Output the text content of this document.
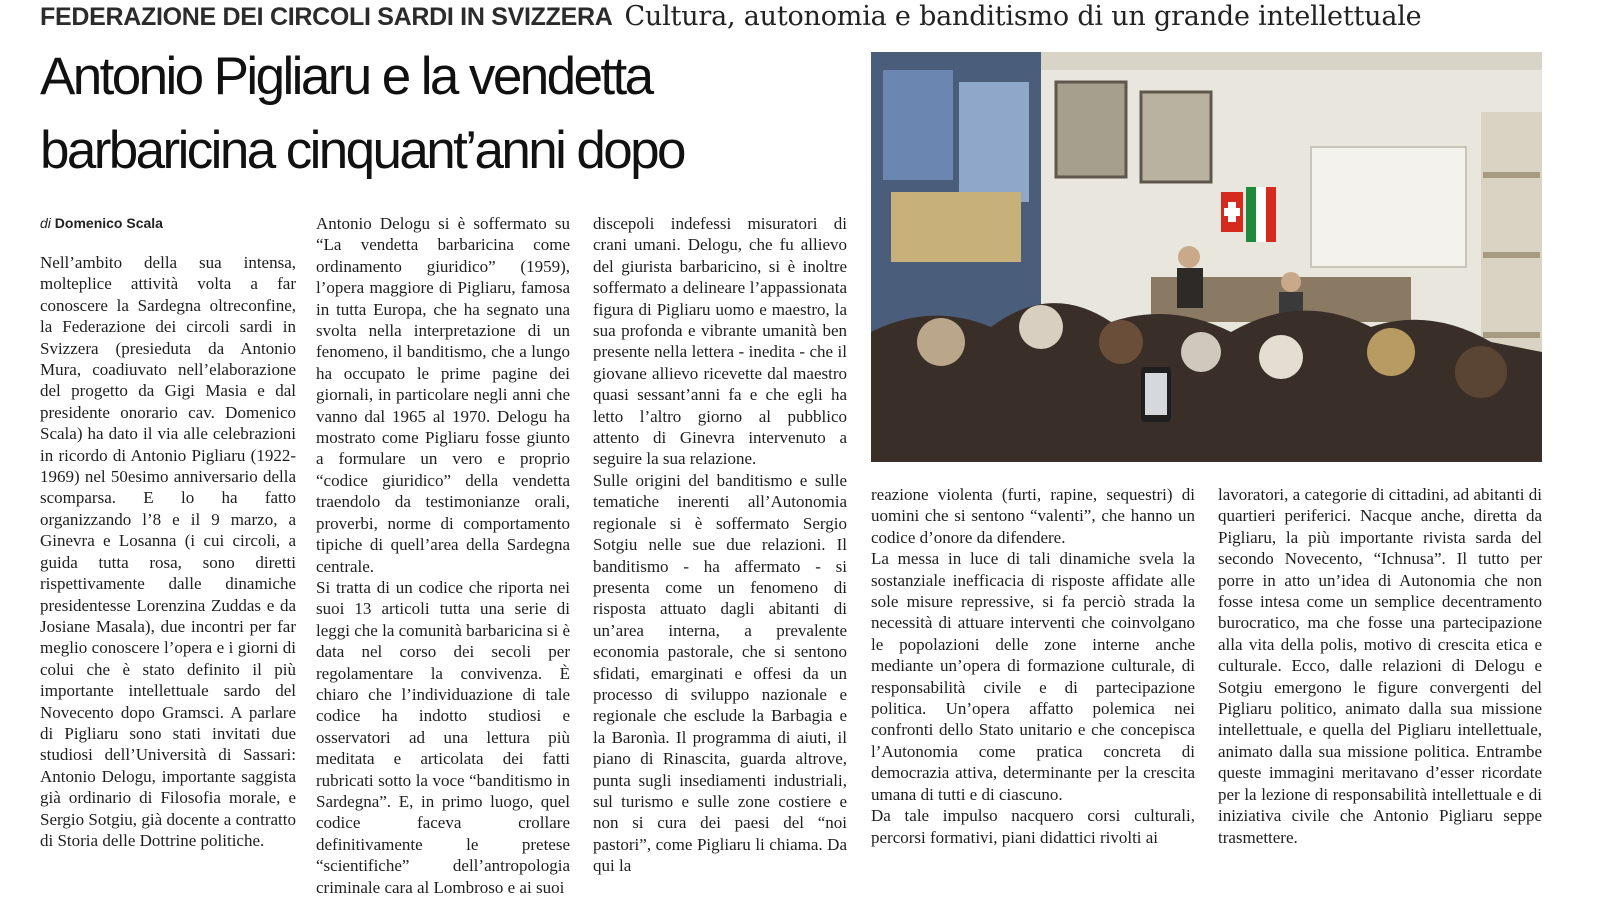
FEDERAZIONE DEI CIRCOLI SARDI IN SVIZZERA Cultura, autonomia e banditismo di un grande intellettuale
Antonio Pigliaru e la vendetta
barbaricina cinquant’anni dopo
di Domenico Scala

Nell’ambito della sua intensa, molteplice attività volta a far conoscere la Sardegna oltreconfine, la Federazione dei circoli sardi in Svizzera (presieduta da Antonio Mura, coadiuvato nell’elaborazione del progetto da Gigi Masia e dal presidente onorario cav. Domenico Scala) ha dato il via alle celebrazioni in ricordo di Antonio Pigliaru (1922-1969) nel 50esimo anniversario della scomparsa. E lo ha fatto organizzando l’8 e il 9 marzo, a Ginevra e Losanna (i cui circoli, a guida tutta rosa, sono diretti rispettivamente dalle dinamiche presidentesse Lorenzina Zuddas e da Josiane Masala), due incontri per far meglio conoscere l’opera e i giorni di colui che è stato definito il più importante intellettuale sardo del Novecento dopo Gramsci. A parlare di Pigliaru sono stati invitati due studiosi dell’Università di Sassari: Antonio Delogu, importante saggista già ordinario di Filosofia morale, e Sergio Sotgiu, già docente a contratto di Storia delle Dottrine politiche.

Antonio Delogu si è soffermato su “La vendetta barbaricina come ordinamento giuridico” (1959), l’opera maggiore di Pigliaru, famosa in tutta Europa, che ha segnato una svolta nella interpretazione di un fenomeno, il banditismo, che a lungo ha occupato le prime pagine dei giornali, in particolare negli anni che vanno dal 1965 al 1970. Delogu ha mostrato come Pigliaru fosse giunto a formulare un vero e proprio “codice giuridico” della vendetta traendolo da testimonianze orali, proverbi, norme di comportamento tipiche di quell’area della Sardegna centrale.

Si tratta di un codice che riporta nei suoi 13 articoli tutta una serie di leggi che la comunità barbaricina si è data nel corso dei secoli per regolamentare la convivenza. È chiaro che l’individuazione di tale codice ha indotto studiosi e osservatori ad una lettura più meditata e articolata dei fatti rubricati sotto la voce “banditismo in Sardegna”. E, in primo luogo, quel codice faceva crollare definitivamente le pretese “scientifiche” dell’antropologia criminale cara al Lombroso e ai suoi

discepoli indefessi misuratori di crani umani. Delogu, che fu allievo del giurista barbaricino, si è inoltre soffermato a delineare l’appassionata figura di Pigliaru uomo e maestro, la sua profonda e vibrante umanità ben presente nella lettera - inedita - che il giovane allievo ricevette dal maestro quasi sessant’anni fa e che egli ha letto l’altro giorno al pubblico attento di Ginevra intervenuto a seguire la sua relazione.

Sulle origini del banditismo e sulle tematiche inerenti all’Autonomia regionale si è soffermato Sergio Sotgiu nelle sue due relazioni. Il banditismo - ha affermato - si presenta come un fenomeno di risposta attuato dagli abitanti di un’area interna, a prevalente economia pastorale, che si sentono sfidati, emarginati e offesi da un processo di sviluppo nazionale e regionale che esclude la Barbagia e la Baronìa. Il programma di aiuti, il piano di Rinascita, guarda altrove, punta sugli insediamenti industriali, sul turismo e sulle zone costiere e non si cura dei paesi del “noi pastori”, come Pigliaru li chiama. Da qui la

reazione violenta (furti, rapine, sequestri) di uomini che si sentono “valenti”, che hanno un codice d’onore da difendere.

La messa in luce di tali dinamiche svela la sostanziale inefficacia di risposte affidate alle sole misure repressive, si fa perciò strada la necessità di attuare interventi che coinvolgano le popolazioni delle zone interne anche mediante un’opera di formazione culturale, di responsabilità civile e di partecipazione politica. Un’opera affatto polemica nei confronti dello Stato unitario e che concepisca l’Autonomia come pratica concreta di democrazia attiva, determinante per la crescita umana di tutti e di ciascuno.

Da tale impulso nacquero corsi culturali, percorsi formativi, piani didattici rivolti ai

lavoratori, a categorie di cittadini, ad abitanti di quartieri periferici. Nacque anche, diretta da Pigliaru, la più importante rivista sarda del secondo Novecento, “Ichnusa”. Il tutto per porre in atto un’idea di Autonomia che non fosse intesa come un semplice decentramento burocratico, ma che fosse una partecipazione alla vita della polis, motivo di crescita etica e culturale. Ecco, dalle relazioni di Delogu e Sotgiu emergono le figure convergenti del Pigliaru politico, animato dalla sua missione intellettuale, e quella del Pigliaru intellettuale, animato dalla sua missione politica. Entrambe queste immagini meritavano d’esser ricordate per la lezione di responsabilità intellettuale e di iniziativa civile che Antonio Pigliaru seppe trasmettere.
